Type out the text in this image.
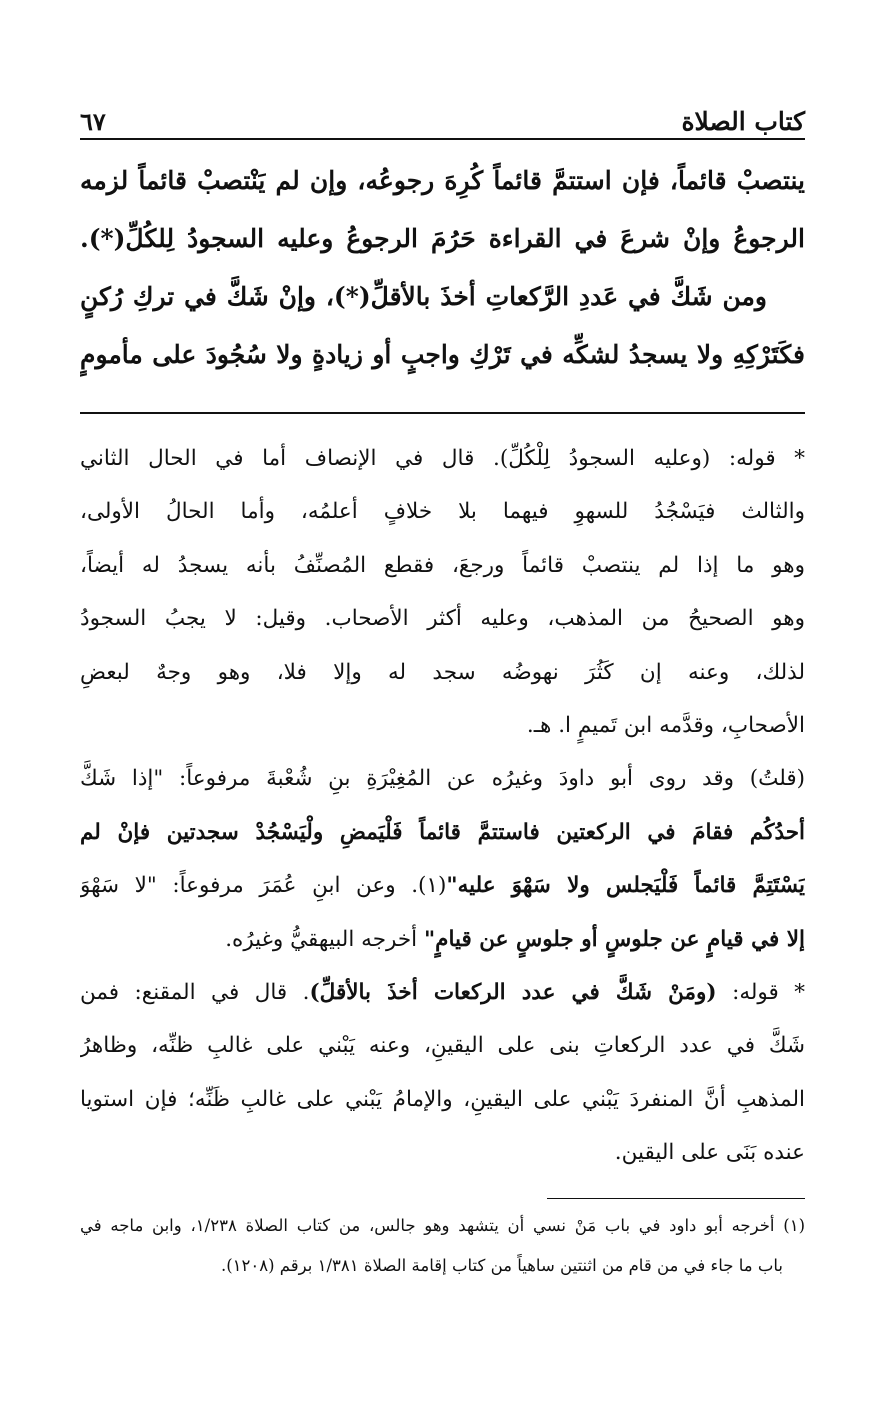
كتاب الصلاة
٦٧
ينتصبْ قائماً، فإن استتمَّ قائماً كُرِهَ رجوعُه، وإن لم يَنْتصبْ قائماً لزمه
الرجوعُ وإنْ شرعَ في القراءة حَرُمَ الرجوعُ وعليه السجودُ لِلكُلِّ(*).
ومن شَكَّ في عَددِ الرَّكعاتِ أخذَ بالأقلِّ(*)، وإنْ شَكَّ في تركِ رُكنٍ
فكَتَرْكِهِ ولا يسجدُ لشكِّه في تَرْكِ واجبٍ أو زيادةٍ ولا سُجُودَ على مأمومٍ
* قوله: (وعليه السجودُ لِلْكُلِّ). قال في الإنصاف أما في الحال الثاني
والثالث فيَسْجُدُ للسهوِ فيهما بلا خلافٍ أعلمُه، وأما الحالُ الأولى،
وهو ما إذا لم ينتصبْ قائماً ورجعَ، فقطع المُصنِّفُ بأنه يسجدُ له أيضاً،
وهو الصحيحُ من المذهب، وعليه أكثر الأصحاب. وقيل: لا يجبُ السجودُ
لذلك، وعنه إن كَثُرَ نهوضُه سجد له وإلا فلا، وهو وجهٌ لبعضِ
الأصحابِ، وقدَّمه ابن تَميمٍ ا. هـ.
(قلتُ) وقد روى أبو داودَ وغيرُه عن المُغِيْرَةِ بنِ شُعْبةَ مرفوعاً: "إذا شَكَّ
أحدُكُم فقامَ في الركعتين فاستتمَّ قائماً فَلْيَمضِ ولْيَسْجُدْ سجدتين فإنْ لم
يَسْتَتِمَّ قائماً فَلْيَجلس ولا سَهْوَ عليه"(١). وعن ابنِ عُمَرَ مرفوعاً: "لا سَهْوَ
إلا في قيامٍ عن جلوسٍ أو جلوسٍ عن قيامٍ" أخرجه البيهقيُّ وغيرُه.
* قوله: (ومَنْ شَكَّ في عدد الركعات أخذَ بالأقلِّ). قال في المقنع: فمن
شَكَّ في عدد الركعاتِ بنى على اليقينِ، وعنه يَبْني على غالبِ ظنِّه، وظاهرُ
المذهبِ أنَّ المنفردَ يَبْني على اليقينِ، والإمامُ يَبْني على غالبِ ظَنِّه؛ فإن استويا
عنده بَنَى على اليقين.
(١) أخرجه أبو داود في باب مَنْ نسي أن يتشهد وهو جالس، من كتاب الصلاة ١/٢٣٨، وابن ماجه في
باب ما جاء في من قام من اثنتين ساهياً من كتاب إقامة الصلاة ١/٣٨١ برقم (١٢٠٨).
